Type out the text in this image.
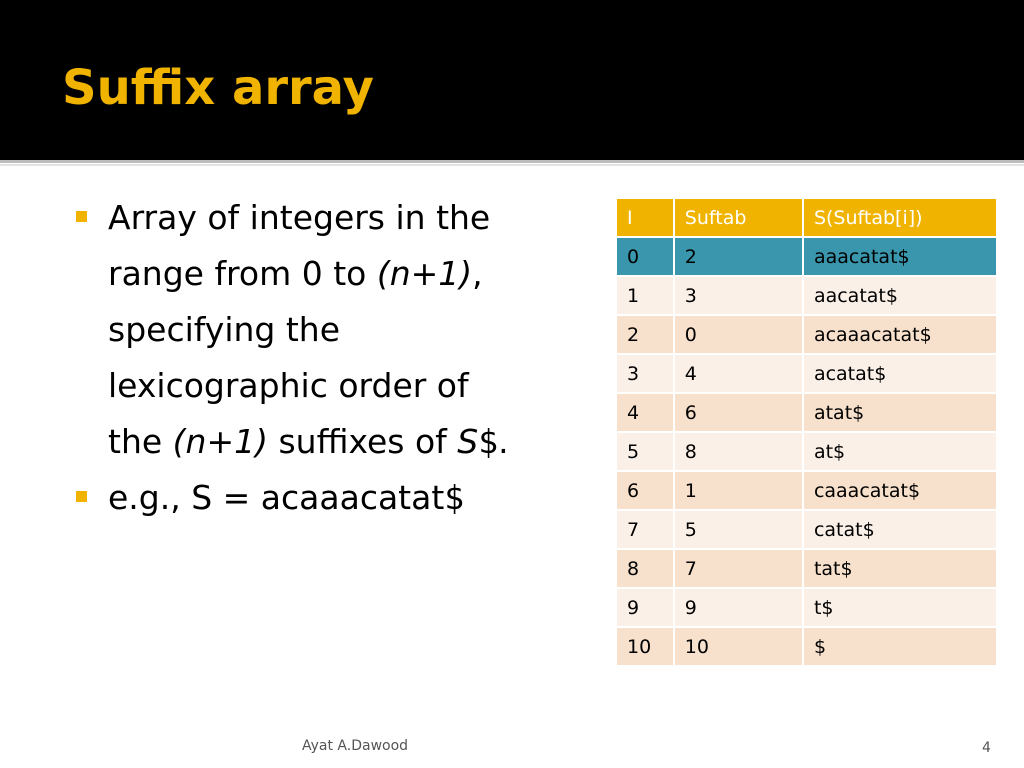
Suffix array
Array of integers in the range from 0 to (n+1), specifying the lexicographic order of the (n+1) suffixes of S$.
e.g., S = acaaacatat$
I	Suftab	S(Suftab[i])
0	2	aaacatat$
1	3	aacatat$
2	0	acaaacatat$
3	4	acatat$
4	6	atat$
5	8	at$
6	1	caaacatat$
7	5	catat$
8	7	tat$
9	9	t$
10	10	$
Ayat A.Dawood	4
